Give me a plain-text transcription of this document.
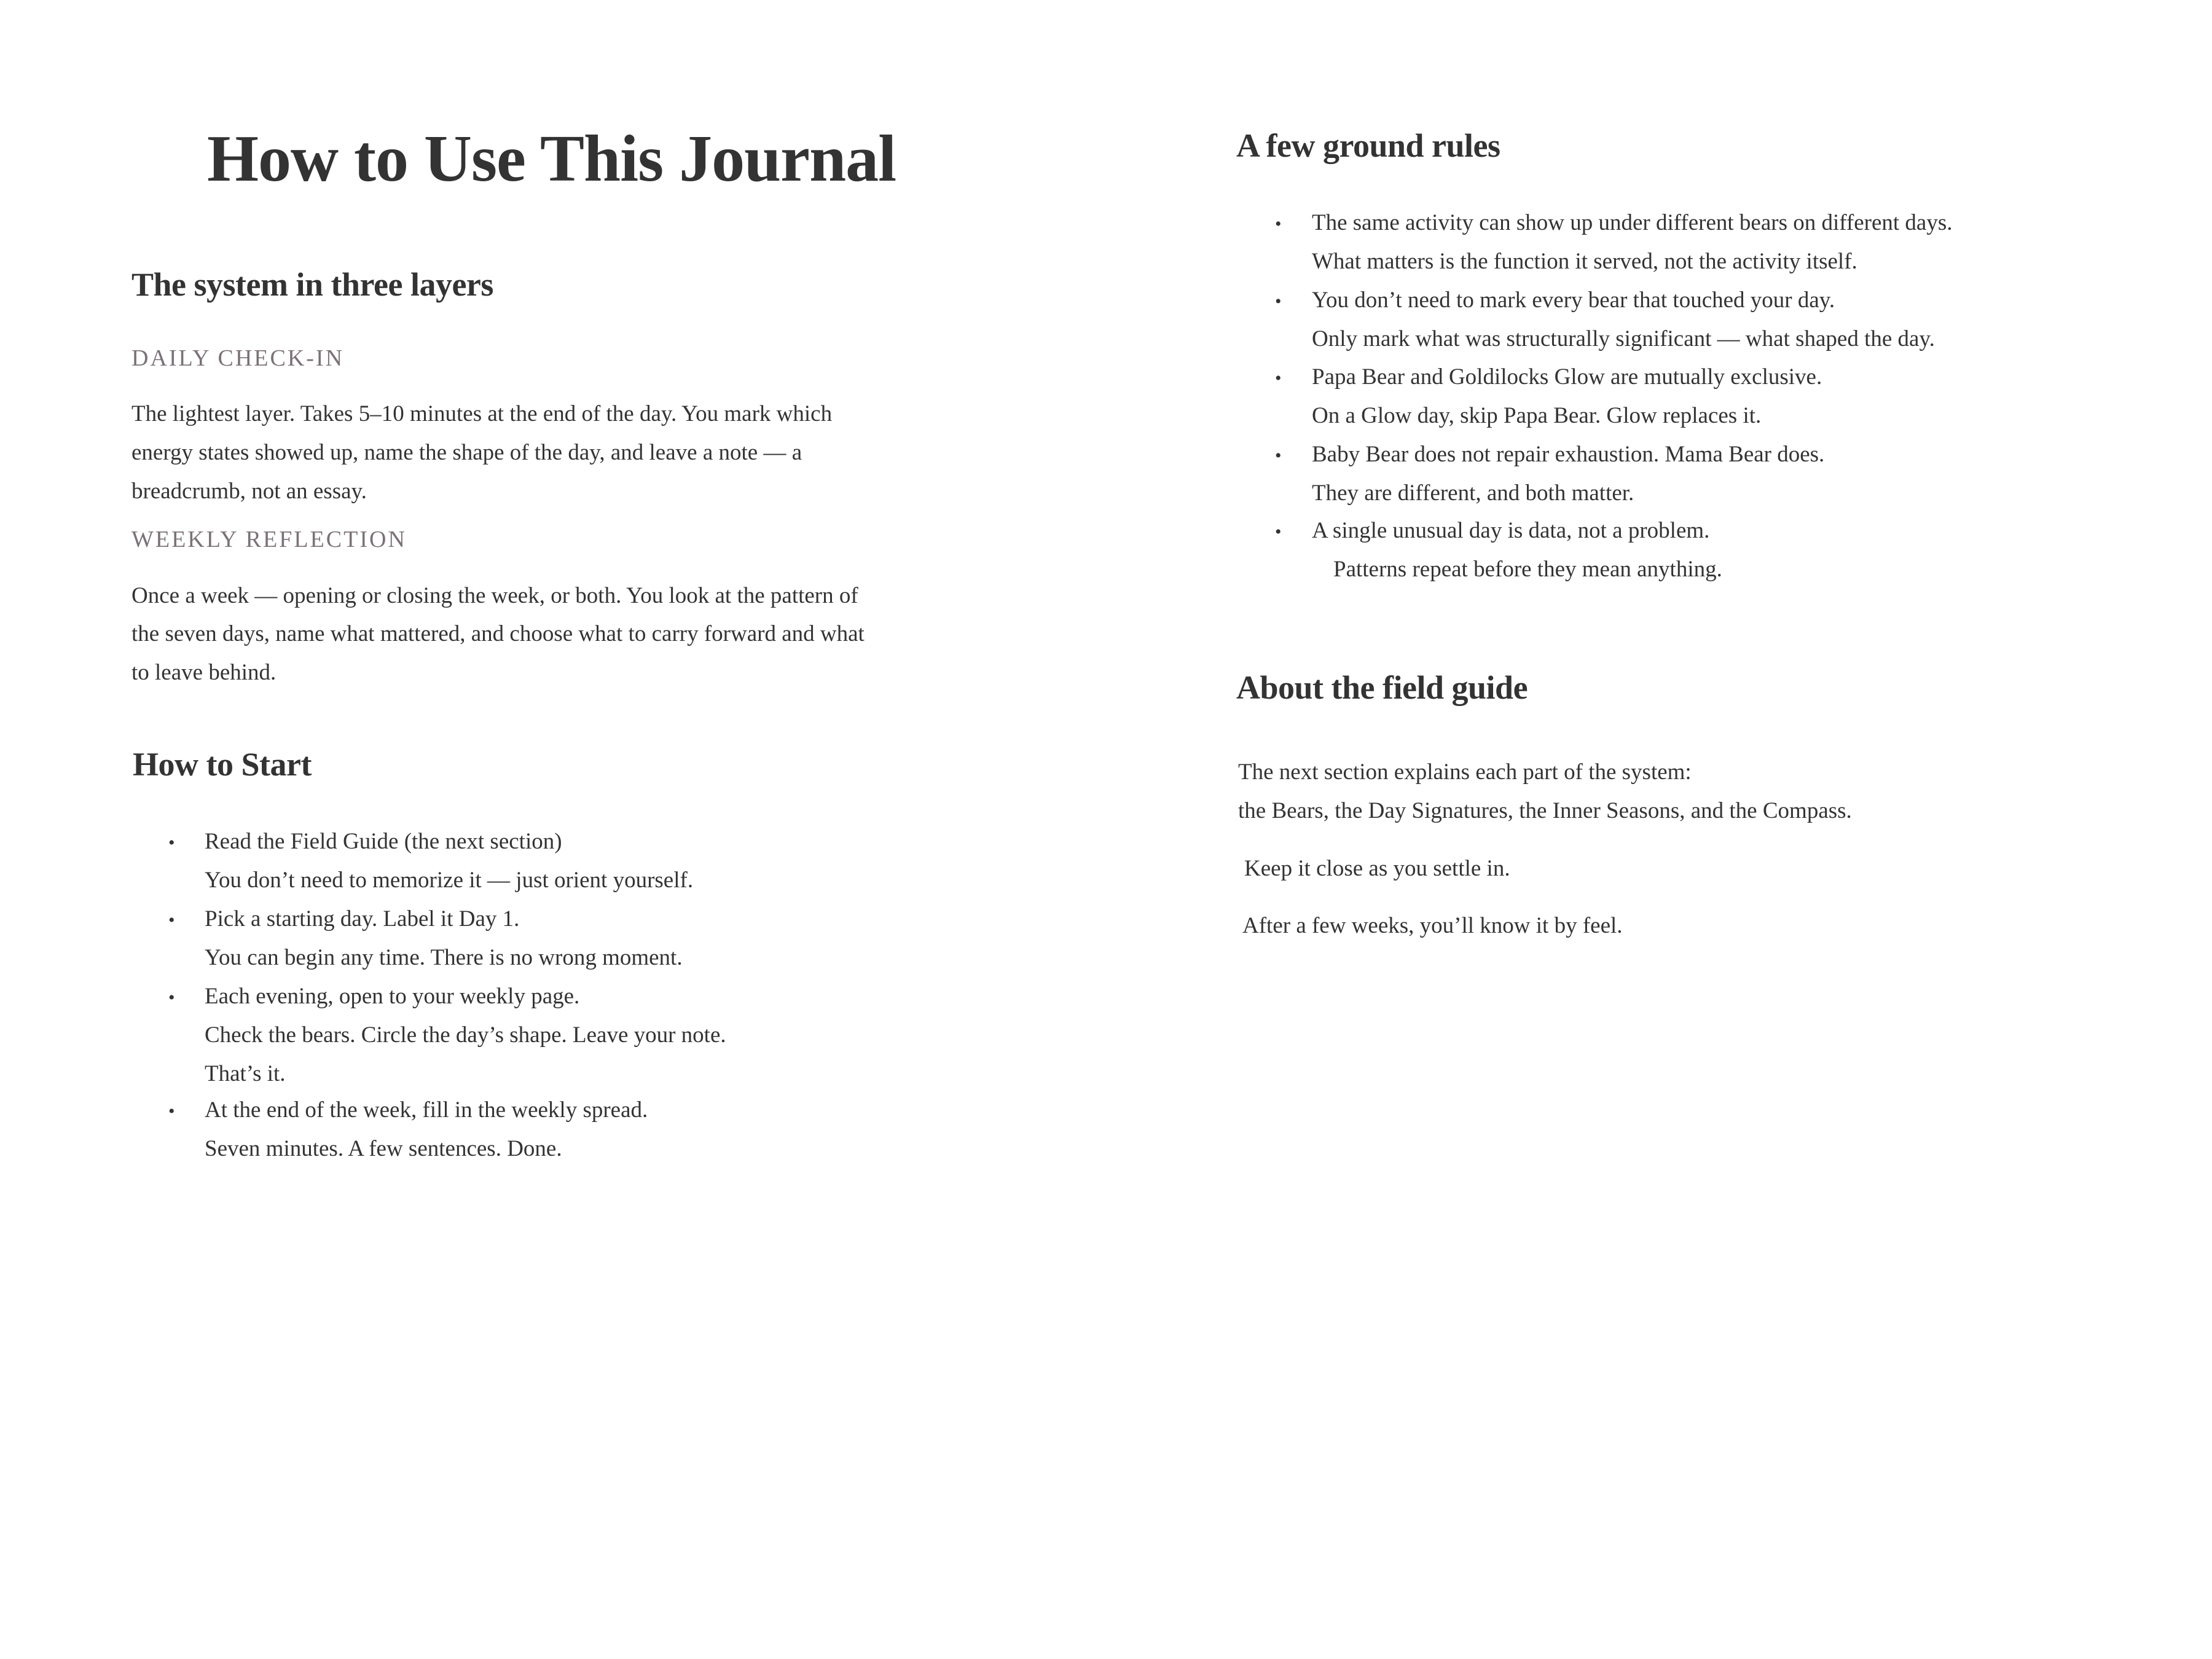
How to Use This Journal
The system in three layers
DAILY CHECK-IN
The lightest layer. Takes 5–10 minutes at the end of the day. You mark which
energy states showed up, name the shape of the day, and leave a note — a
breadcrumb, not an essay.
WEEKLY REFLECTION
Once a week — opening or closing the week, or both. You look at the pattern of
the seven days, name what mattered, and choose what to carry forward and what
to leave behind.
How to Start
• Read the Field Guide (the next section)
You don’t need to memorize it — just orient yourself.
• Pick a starting day. Label it Day 1.
You can begin any time. There is no wrong moment.
• Each evening, open to your weekly page.
Check the bears. Circle the day’s shape. Leave your note.
That’s it.
• At the end of the week, fill in the weekly spread.
Seven minutes. A few sentences. Done.
A few ground rules
• The same activity can show up under different bears on different days.
What matters is the function it served, not the activity itself.
• You don’t need to mark every bear that touched your day.
Only mark what was structurally significant — what shaped the day.
• Papa Bear and Goldilocks Glow are mutually exclusive.
On a Glow day, skip Papa Bear. Glow replaces it.
• Baby Bear does not repair exhaustion. Mama Bear does.
They are different, and both matter.
• A single unusual day is data, not a problem.
Patterns repeat before they mean anything.
About the field guide
The next section explains each part of the system:
the Bears, the Day Signatures, the Inner Seasons, and the Compass.
Keep it close as you settle in.
After a few weeks, you’ll know it by feel.
